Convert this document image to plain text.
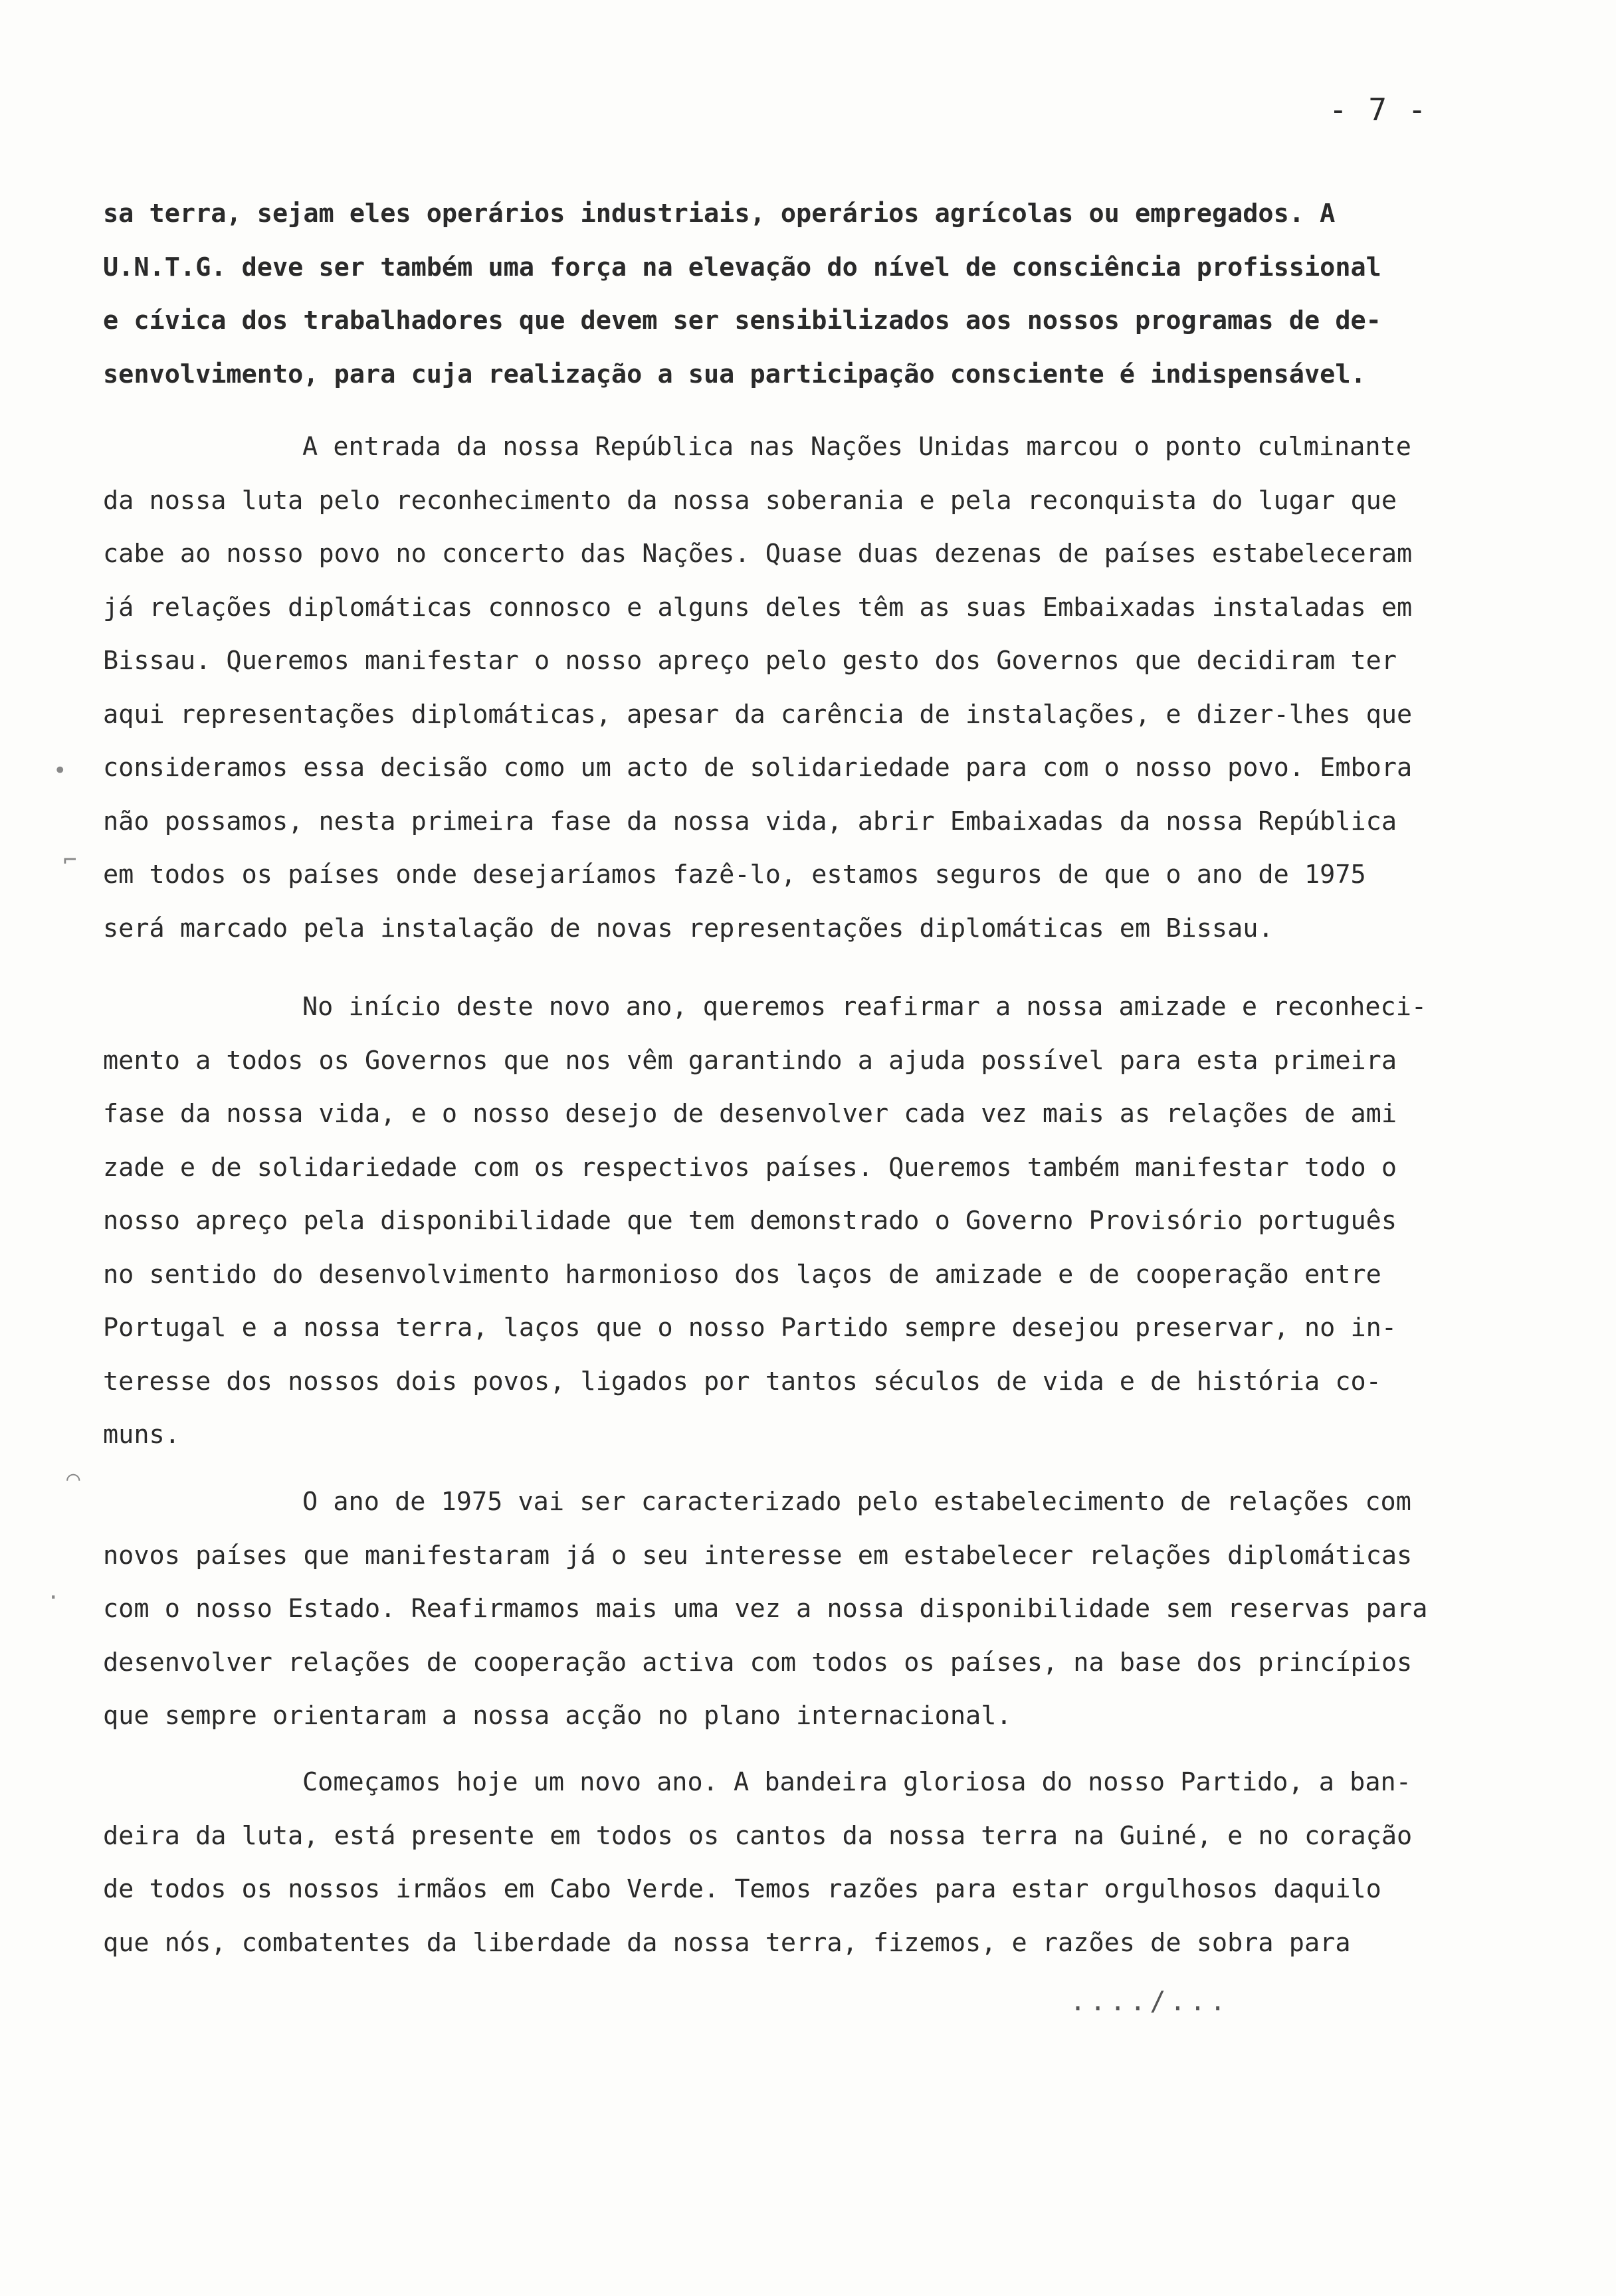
- 7 -
sa terra, sejam eles operários industriais, operários agrícolas ou empregados. A
U.N.T.G. deve ser também uma força na elevação do nível de consciência profissional
e cívica dos trabalhadores que devem ser sensibilizados aos nossos programas de de-
senvolvimento, para cuja realização a sua participação consciente é indispensável.
A entrada da nossa República nas Nações Unidas marcou o ponto culminante
da nossa luta pelo reconhecimento da nossa soberania e pela reconquista do lugar que
cabe ao nosso povo no concerto das Nações. Quase duas dezenas de países estabeleceram
já relações diplomáticas connosco e alguns deles têm as suas Embaixadas instaladas em
Bissau. Queremos manifestar o nosso apreço pelo gesto dos Governos que decidiram ter
aqui representações diplomáticas, apesar da carência de instalações, e dizer-lhes que
consideramos essa decisão como um acto de solidariedade para com o nosso povo. Embora
não possamos, nesta primeira fase da nossa vida, abrir Embaixadas da nossa República
em todos os países onde desejaríamos fazê-lo, estamos seguros de que o ano de 1975
será marcado pela instalação de novas representações diplomáticas em Bissau.
No início deste novo ano, queremos reafirmar a nossa amizade e reconheci-
mento a todos os Governos que nos vêm garantindo a ajuda possível para esta primeira
fase da nossa vida, e o nosso desejo de desenvolver cada vez mais as relações de ami
zade e de solidariedade com os respectivos países. Queremos também manifestar todo o
nosso apreço pela disponibilidade que tem demonstrado o Governo Provisório português
no sentido do desenvolvimento harmonioso dos laços de amizade e de cooperação entre
Portugal e a nossa terra, laços que o nosso Partido sempre desejou preservar, no in-
teresse dos nossos dois povos, ligados por tantos séculos de vida e de história co-
muns.
O ano de 1975 vai ser caracterizado pelo estabelecimento de relações com
novos países que manifestaram já o seu interesse em estabelecer relações diplomáticas
com o nosso Estado. Reafirmamos mais uma vez a nossa disponibilidade sem reservas para
desenvolver relações de cooperação activa com todos os países, na base dos princípios
que sempre orientaram a nossa acção no plano internacional.
Começamos hoje um novo ano. A bandeira gloriosa do nosso Partido, a ban-
deira da luta, está presente em todos os cantos da nossa terra na Guiné, e no coração
de todos os nossos irmãos em Cabo Verde. Temos razões para estar orgulhosos daquilo
que nós, combatentes da liberdade da nossa terra, fizemos, e razões de sobra para
..../...
•
⌐
⌒
·
